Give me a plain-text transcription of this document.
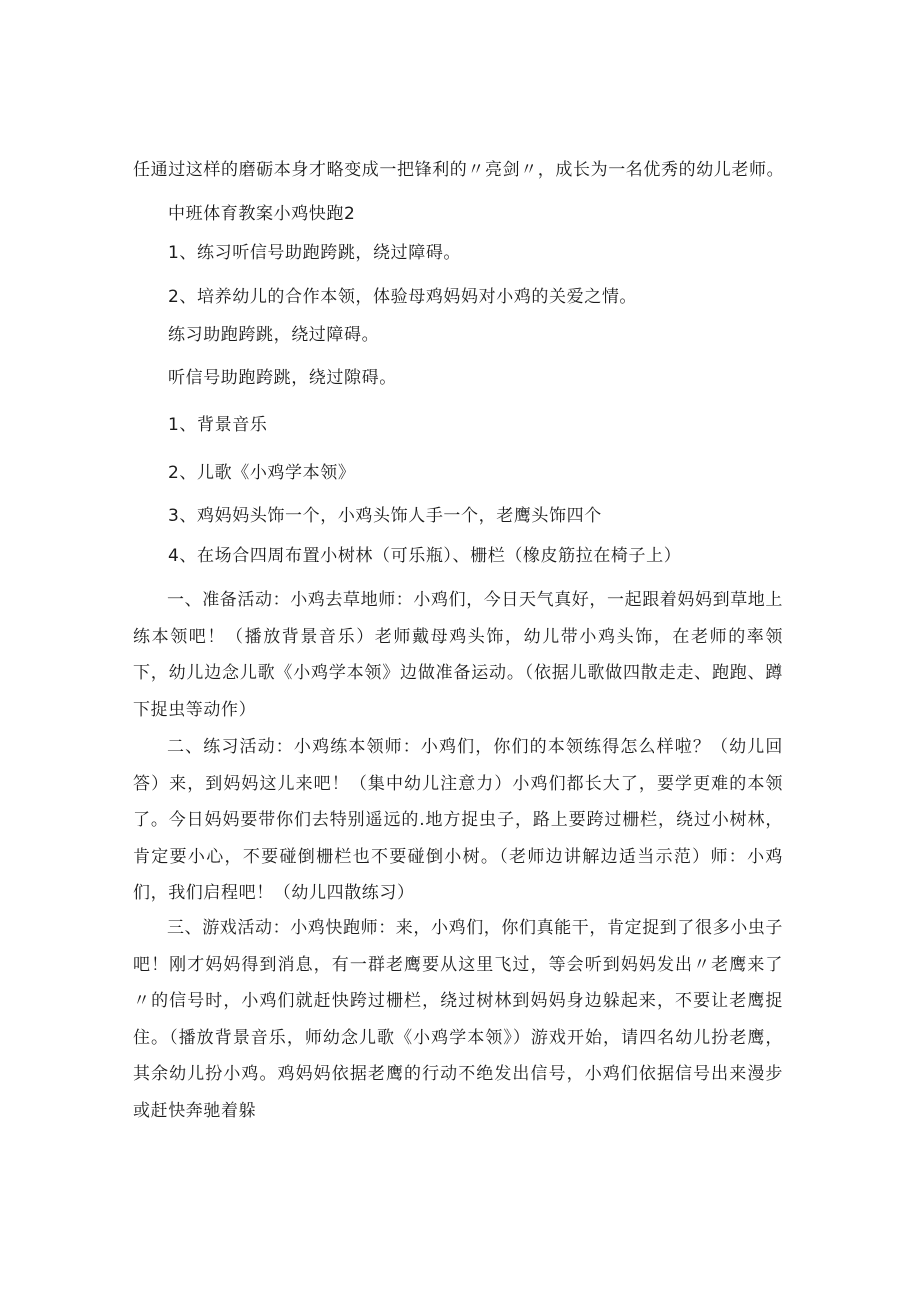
任通过这样的磨砺本身才略变成一把锋利的〃亮剑〃，成长为一名优秀的幼儿老师。
中班体育教案小鸡快跑2
1、练习听信号助跑跨跳，绕过障碍。
2、培养幼儿的合作本领，体验母鸡妈妈对小鸡的关爱之情。
练习助跑跨跳，绕过障碍。
听信号助跑跨跳，绕过隙碍。
1、背景音乐
2、儿歌《小鸡学本领》
3、鸡妈妈头饰一个，小鸡头饰人手一个，老鹰头饰四个
4、在场合四周布置小树林（可乐瓶）、栅栏（橡皮筋拉在椅子上）
一、准备活动：小鸡去草地师：小鸡们，今日天气真好，一起跟着妈妈到草地上练本领吧！（播放背景音乐）老师戴母鸡头饰，幼儿带小鸡头饰，在老师的率领下，幼儿边念儿歌《小鸡学本领》边做准备运动。（依据儿歌做四散走走、跑跑、蹲下捉虫等动作）
二、练习活动：小鸡练本领师：小鸡们，你们的本领练得怎么样啦？（幼儿回答）来，到妈妈这儿来吧！（集中幼儿注意力）小鸡们都长大了，要学更难的本领了。今日妈妈要带你们去特别遥远的.地方捉虫子，路上要跨过栅栏，绕过小树林，肯定要小心，不要碰倒栅栏也不要碰倒小树。（老师边讲解边适当示范）师：小鸡们，我们启程吧！（幼儿四散练习）
三、游戏活动：小鸡快跑师：来，小鸡们，你们真能干，肯定捉到了很多小虫子吧！刚才妈妈得到消息，有一群老鹰要从这里飞过，等会听到妈妈发出〃老鹰来了〃的信号时，小鸡们就赶快跨过栅栏，绕过树林到妈妈身边躲起来，不要让老鹰捉住。（播放背景音乐，师幼念儿歌《小鸡学本领》）游戏开始，请四名幼儿扮老鹰，其余幼儿扮小鸡。鸡妈妈依据老鹰的行动不绝发出信号，小鸡们依据信号出来漫步或赶快奔驰着躲
